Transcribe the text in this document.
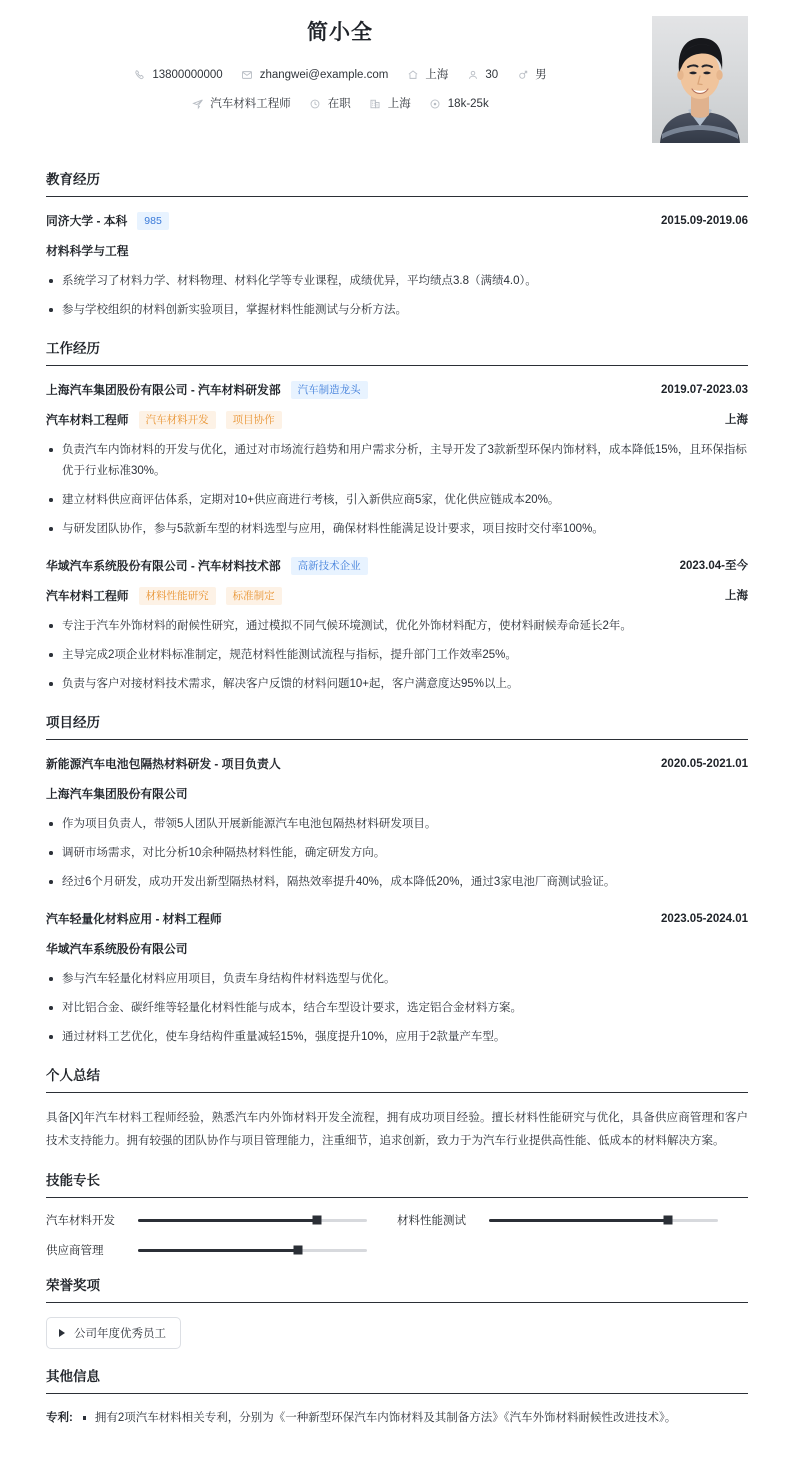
简小全
13800000000	zhangwei@example.com	上海	30	男
汽车材料工程师	在职	上海	18k-25k
教育经历
同济大学 - 本科	985	2015.09-2019.06
材料科学与工程
系统学习了材料力学、材料物理、材料化学等专业课程，成绩优异，平均绩点3.8（满绩4.0）。
参与学校组织的材料创新实验项目，掌握材料性能测试与分析方法。
工作经历
上海汽车集团股份有限公司 - 汽车材料研发部	汽车制造龙头	2019.07-2023.03
汽车材料工程师	汽车材料开发	项目协作	上海
负责汽车内饰材料的开发与优化，通过对市场流行趋势和用户需求分析，主导开发了3款新型环保内饰材料，成本降低15%，且环保指标优于行业标准30%。
建立材料供应商评估体系，定期对10+供应商进行考核，引入新供应商5家，优化供应链成本20%。
与研发团队协作，参与5款新车型的材料选型与应用，确保材料性能满足设计要求，项目按时交付率100%。
华域汽车系统股份有限公司 - 汽车材料技术部	高新技术企业	2023.04-至今
汽车材料工程师	材料性能研究	标准制定	上海
专注于汽车外饰材料的耐候性研究，通过模拟不同气候环境测试，优化外饰材料配方，使材料耐候寿命延长2年。
主导完成2项企业材料标准制定，规范材料性能测试流程与指标，提升部门工作效率25%。
负责与客户对接材料技术需求，解决客户反馈的材料问题10+起，客户满意度达95%以上。
项目经历
新能源汽车电池包隔热材料研发 - 项目负责人	2020.05-2021.01
上海汽车集团股份有限公司
作为项目负责人，带领5人团队开展新能源汽车电池包隔热材料研发项目。
调研市场需求，对比分析10余种隔热材料性能，确定研发方向。
经过6个月研发，成功开发出新型隔热材料，隔热效率提升40%，成本降低20%，通过3家电池厂商测试验证。
汽车轻量化材料应用 - 材料工程师	2023.05-2024.01
华域汽车系统股份有限公司
参与汽车轻量化材料应用项目，负责车身结构件材料选型与优化。
对比铝合金、碳纤维等轻量化材料性能与成本，结合车型设计要求，选定铝合金材料方案。
通过材料工艺优化，使车身结构件重量减轻15%，强度提升10%，应用于2款量产车型。
个人总结
具备[X]年汽车材料工程师经验，熟悉汽车内外饰材料开发全流程，拥有成功项目经验。擅长材料性能研究与优化，具备供应商管理和客户技术支持能力。拥有较强的团队协作与项目管理能力，注重细节，追求创新，致力于为汽车行业提供高性能、低成本的材料解决方案。
技能专长
汽车材料开发	材料性能测试
供应商管理
荣誉奖项
公司年度优秀员工
其他信息
专利:	拥有2项汽车材料相关专利，分别为《一种新型环保汽车内饰材料及其制备方法》《汽车外饰材料耐候性改进技术》。
